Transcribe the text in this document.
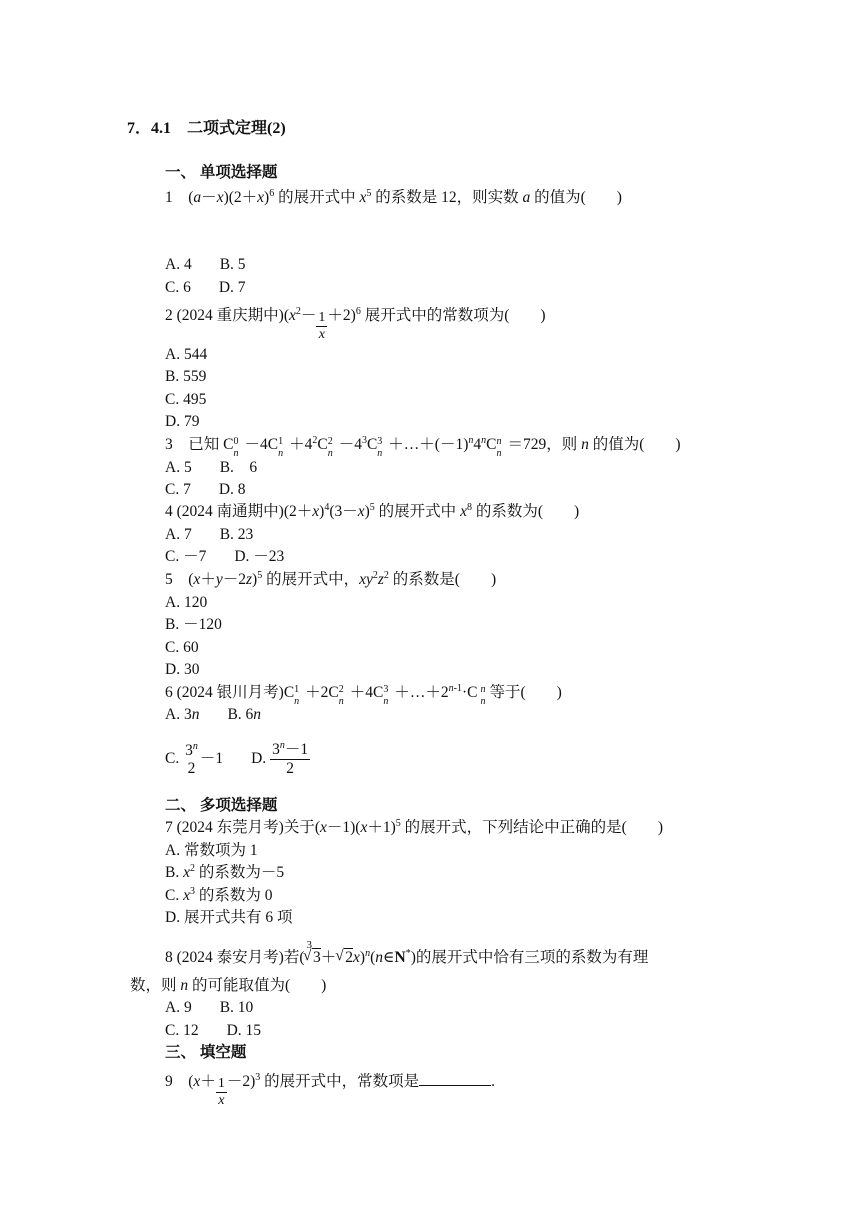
7．4.1　二项式定理(2)
一、 单项选择题
1　$(a-x)(2+x)^6$ 的展开式中 $x^5$ 的系数是 12，则实数 a 的值为(　　)
A. 4 B. 5
C. 6 D. 7
2 (2024 重庆期中)$(x^2- \frac{1}{x} +2)^6$ 展开式中的常数项为(　　)
A. 544
B. 559
C. 495
D. 79
3　已知 C 0
n
－4C 1
n
$+4^2C$ 2
n
$-4^3C$ 3
n
$+\dots+(-1)^n4^nC$ n
n
＝729，则 n 的值为(　　)
A. 5 B.　6
C. 7 D. 8
4 (2024 南通期中)$(2+x)^4(3-x)^5$ 的展开式中 $x^8$ 的系数为(　　)
A. 7 B. 23
C. －7 D. －23
5　$(x+y-2z)^5$ 的展开式中，$xy^2z^2$ 的系数是(　　)
A. 120
B. －120
C. 60
D. 30
6 (2024 银川月考)C 1
n
＋2C 2
n
＋4C 3
n
$+\dots+2^{n-1}\cdot C$ n
n
等于(　　)
A. 3n B. 6n
C.
3$^n$
2
－1 D. $\frac{3^n-1}{2}$
二、 多项选择题
7 (2024 东莞月考)关于$(x-1)(x+1)^5$ 的展开式，下列结论中正确的是(　　)
A. 常数项为 1
B. $x^2$ 的系数为－5
C. $x^3$ 的系数为 0
D. 展开式共有 6 项
8 (2024 泰安月考)若($^3$√ 3＋√ 2x)$^n$(n∈N*)的展开式中恰有三项的系数为有理
数，则 n 的可能取值为(　　)
A. 9 B. 10
C. 12 D. 15
三、 填空题
9　$(x+ \frac{1}{x} -2)^3$ 的展开式中，常数项是	.
